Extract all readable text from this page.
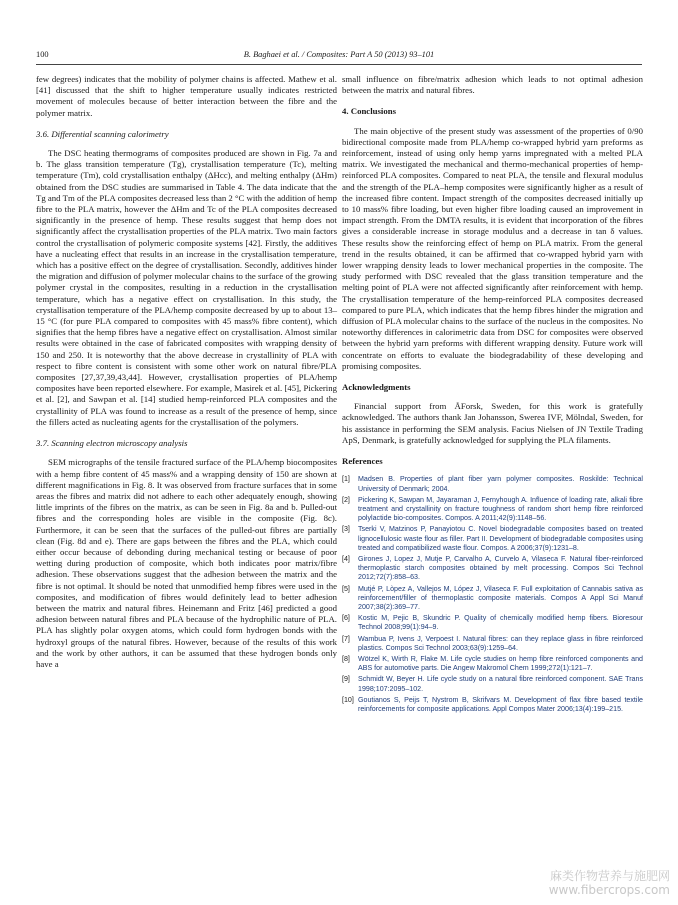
100	B. Baghaei et al. / Composites: Part A 50 (2013) 93–101

few degrees) indicates that the mobility of polymer chains is affected. Mathew et al. [41] discussed that the shift to higher temperature usually indicates restricted movement of molecules because of better interaction between the fibre and the polymer matrix.

3.6. Differential scanning calorimetry

The DSC heating thermograms of composites produced are shown in Fig. 7a and b. The glass transition temperature (Tg), crystallisation temperature (Tc), melting temperature (Tm), cold crystallisation enthalpy (ΔHcc), and melting enthalpy (ΔHm) obtained from the DSC studies are summarised in Table 4. The data indicate that the Tg and Tm of the PLA composites decreased less than 2 °C with the addition of hemp fibre to the PLA matrix, however the ΔHm and Tc of the PLA composites decreased significantly in the presence of hemp. These results suggest that hemp does not significantly affect the crystallisation properties of the PLA matrix. Two main factors control the crystallisation of polymeric composite systems [42]. Firstly, the additives have a nucleating effect that results in an increase in the crystallisation temperature, which has a positive effect on the degree of crystallisation. Secondly, additives hinder the migration and diffusion of polymer molecular chains to the surface of the growing polymer crystal in the composites, resulting in a reduction in the crystallisation temperature, which has a negative effect on crystallisation. In this study, the crystallisation temperature of the PLA/hemp composite decreased by up to about 13–15 °C (for pure PLA compared to composites with 45 mass% fibre content), which signifies that the hemp fibres have a negative effect on crystallisation. Almost similar results were obtained in the case of fabricated composites with wrapping density of 150 and 250. It is noteworthy that the above decrease in crystallinity of PLA with respect to fibre content is consistent with some other work on natural fibre/PLA composites [27,37,39,43,44]. However, crystallisation properties of PLA/hemp composites have been reported elsewhere. For example, Masirek et al. [45], Pickering et al. [2], and Sawpan et al. [14] studied hemp-reinforced PLA composites and the crystallinity of PLA was found to increase as a result of the presence of hemp, since the fillers acted as nucleating agents for the crystallisation of the polymers.

3.7. Scanning electron microscopy analysis

SEM micrographs of the tensile fractured surface of the PLA/hemp biocomposites with a hemp fibre content of 45 mass% and a wrapping density of 150 are shown at different magnifications in Fig. 8. It was observed from fracture surfaces that in some areas the fibres and matrix did not adhere to each other adequately enough, showing little imprints of the fibres on the matrix, as can be seen in Fig. 8a and b. Pulled-out fibres and the corresponding holes are visible in the composite (Fig. 8c). Furthermore, it can be seen that the surfaces of the pulled-out fibres are partially clean (Fig. 8d and e). There are gaps between the fibres and the PLA, which could either occur because of debonding during mechanical testing or because of poor wetting during production of composite, which both indicates poor matrix/fibre adhesion. These observations suggest that the adhesion between the matrix and the fibre is not optimal. It should be noted that unmodified hemp fibres were used in the composites, and modification of fibres would definitely lead to better adhesion between the matrix and natural fibres. Heinemann and Fritz [46] predicted a good adhesion between natural fibres and PLA because of the hydrophilic nature of PLA. PLA has slightly polar oxygen atoms, which could form hydrogen bonds with the hydroxyl groups of the natural fibres. However, because of the results of this work and the work by other authors, it can be assumed that these hydrogen bonds only have a

small influence on fibre/matrix adhesion which leads to not optimal adhesion between the matrix and natural fibres.

4. Conclusions

The main objective of the present study was assessment of the properties of 0/90 bidirectional composite made from PLA/hemp co-wrapped hybrid yarn preforms as reinforcement, instead of using only hemp yarns impregnated with a melted PLA matrix. We investigated the mechanical and thermo-mechanical properties of hemp-reinforced PLA composites. Compared to neat PLA, the tensile and flexural modulus and the strength of the PLA–hemp composites were significantly higher as a result of the increased fibre content. Impact strength of the composites decreased initially up to 10 mass% fibre loading, but even higher fibre loading caused an improvement in impact strength. From the DMTA results, it is evident that incorporation of the fibres gives a considerable increase in storage modulus and a decrease in tan δ values. These results show the reinforcing effect of hemp on PLA matrix. From the general trend in the results obtained, it can be affirmed that co-wrapped hybrid yarn with lower wrapping density leads to lower mechanical properties in the composite. The study performed with DSC revealed that the glass transition temperature and the melting point of PLA were not affected significantly after reinforcement with hemp. The crystallisation temperature of the hemp-reinforced PLA composites decreased compared to pure PLA, which indicates that the hemp fibres hinder the migration and diffusion of PLA molecular chains to the surface of the nucleus in the composites. No noteworthy differences in calorimetric data from DSC for composites were observed between the hybrid yarn preforms with different wrapping density. Future work will concentrate on efforts to evaluate the biodegradability of these developing and promising composites.

Acknowledgments

Financial support from ÅForsk, Sweden, for this work is gratefully acknowledged. The authors thank Jan Johansson, Swerea IVF, Mölndal, Sweden, for his assistance in performing the SEM analysis. Facius Nielsen of JN Textile Trading ApS, Denmark, is gratefully acknowledged for supplying the PLA filaments.

References
[1]	Madsen B. Properties of plant fiber yarn polymer composites. Roskilde: Technical University of Denmark; 2004.
[2]	Pickering K, Sawpan M, Jayaraman J, Fernyhough A. Influence of loading rate, alkali fibre treatment and crystallinity on fracture toughness of random short hemp fibre reinforced polylactide bio-composites. Compos. A 2011;42(9):1148–56.
[3]	Tserki V, Matzinos P, Panayiotou C. Novel biodegradable composites based on treated lignocellulosic waste flour as filler. Part II. Development of biodegradable composites using treated and compatibilized waste flour. Compos. A 2006;37(9):1231–8.
[4]	Girones J, Lopez J, Mutje P, Carvalho A, Curvelo A, Vilaseca F. Natural fiber-reinforced thermoplastic starch composites obtained by melt processing. Compos Sci Technol 2012;72(7):858–63.
[5]	Mutjé P, Lòpez A, Vallejos M, López J, Vilaseca F. Full exploitation of Cannabis sativa as reinforcement/filler of thermoplastic composite materials. Compos A Appl Sci Manuf 2007;38(2):369–77.
[6]	Kostic M, Pejic B, Skundric P. Quality of chemically modified hemp fibers. Bioresour Technol 2008;99(1):94–9.
[7]	Wambua P, Ivens J, Verpoest I. Natural fibres: can they replace glass in fibre reinforced plastics. Compos Sci Technol 2003;63(9):1259–64.
[8]	Wötzel K, Wirth R, Flake M. Life cycle studies on hemp fibre reinforced components and ABS for automotive parts. Die Angew Makromol Chem 1999;272(1):121–7.
[9]	Schmidt W, Beyer H. Life cycle study on a natural fibre reinforced component. SAE Trans 1998;107:2095–102.
[10] Goutianos S, Peijs T, Nystrom B, Skrifvars M. Development of flax fibre based textile reinforcements for composite applications. Appl Compos Mater 2006;13(4):199–215.
麻类作物营养与施肥网
www.fibercrops.com
